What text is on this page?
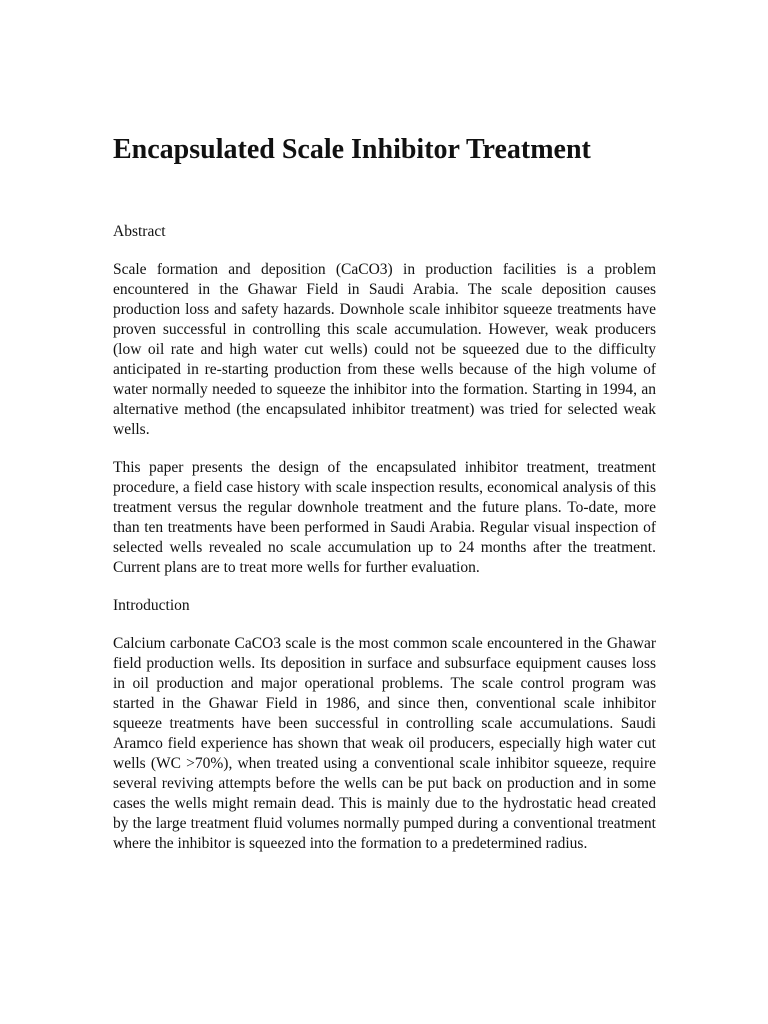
Encapsulated Scale Inhibitor Treatment
Abstract

Scale formation and deposition (CaCO3) in production facilities is a problem encountered in the Ghawar Field in Saudi Arabia. The scale deposition causes production loss and safety hazards. Downhole scale inhibitor squeeze treatments have proven successful in controlling this scale accumulation. However, weak producers (low oil rate and high water cut wells) could not be squeezed due to the difficulty anticipated in re-starting production from these wells because of the high volume of water normally needed to squeeze the inhibitor into the formation. Starting in 1994, an alternative method (the encapsulated inhibitor treatment) was tried for selected weak wells.

This paper presents the design of the encapsulated inhibitor treatment, treatment procedure, a field case history with scale inspection results, economical analysis of this treatment versus the regular downhole treatment and the future plans. To-date, more than ten treatments have been performed in Saudi Arabia. Regular visual inspection of selected wells revealed no scale accumulation up to 24 months after the treatment. Current plans are to treat more wells for further evaluation.

Introduction

Calcium carbonate CaCO3 scale is the most common scale encountered in the Ghawar field production wells. Its deposition in surface and subsurface equipment causes loss in oil production and major operational problems. The scale control program was started in the Ghawar Field in 1986, and since then, conventional scale inhibitor squeeze treatments have been successful in controlling scale accumulations. Saudi Aramco field experience has shown that weak oil producers, especially high water cut wells (WC >70%), when treated using a conventional scale inhibitor squeeze, require several reviving attempts before the wells can be put back on production and in some cases the wells might remain dead. This is mainly due to the hydrostatic head created by the large treatment fluid volumes normally pumped during a conventional treatment where the inhibitor is squeezed into the formation to a predetermined radius.
